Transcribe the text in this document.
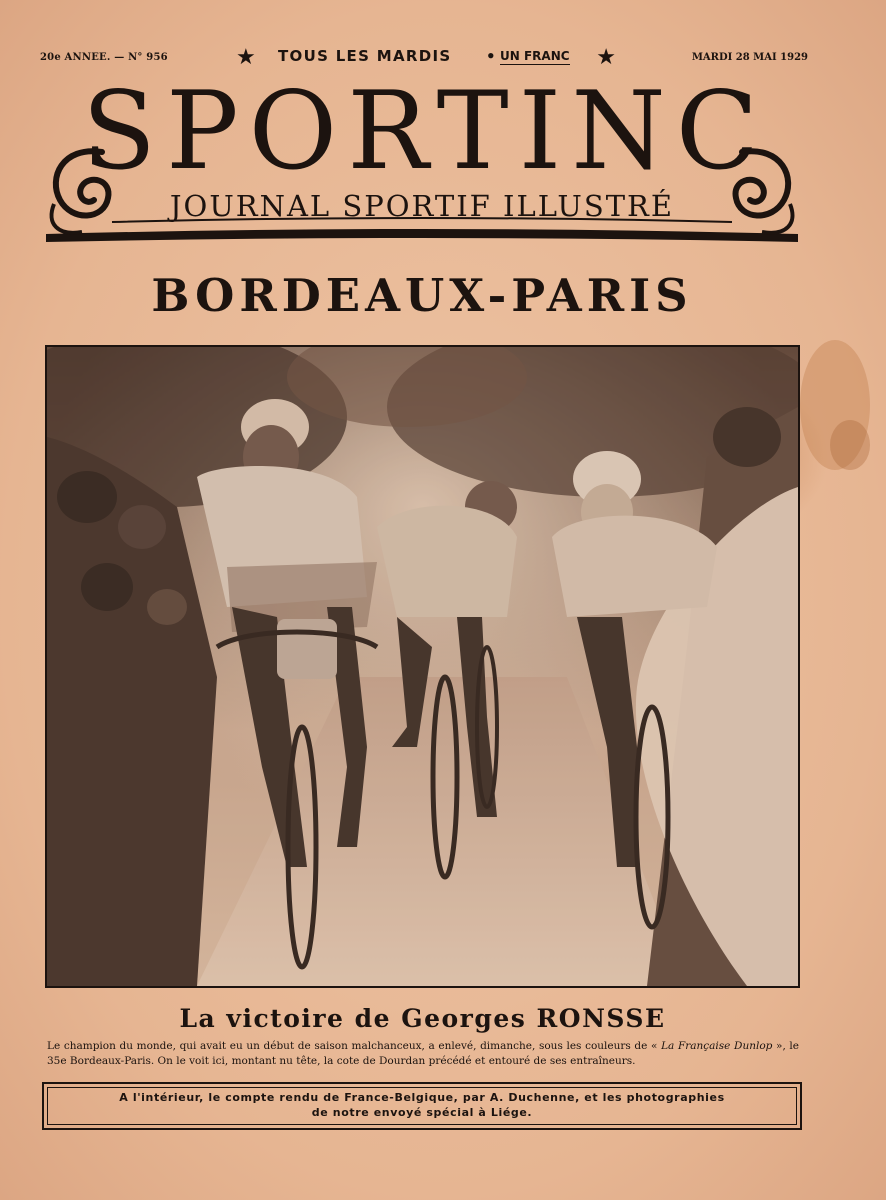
20e ANNEE. — N° 956	★ TOUS LES MARDIS • UN FRANC ★	MARDI 28 MAI 1929
SPORTINC
JOURNAL SPORTIF ILLUSTRÉ
BORDEAUX-PARIS
La victoire de Georges RONSSE
Le champion du monde, qui avait eu un début de saison malchanceux, a enlevé, dimanche, sous les couleurs de « La Française Dunlop », le 35e Bordeaux-Paris. On le voit ici, montant nu tête, la cote de Dourdan précédé et entouré de ses entraîneurs.
A l'intérieur, le compte rendu de France-Belgique, par A. Duchenne, et les photographies
de notre envoyé spécial à Liége.
